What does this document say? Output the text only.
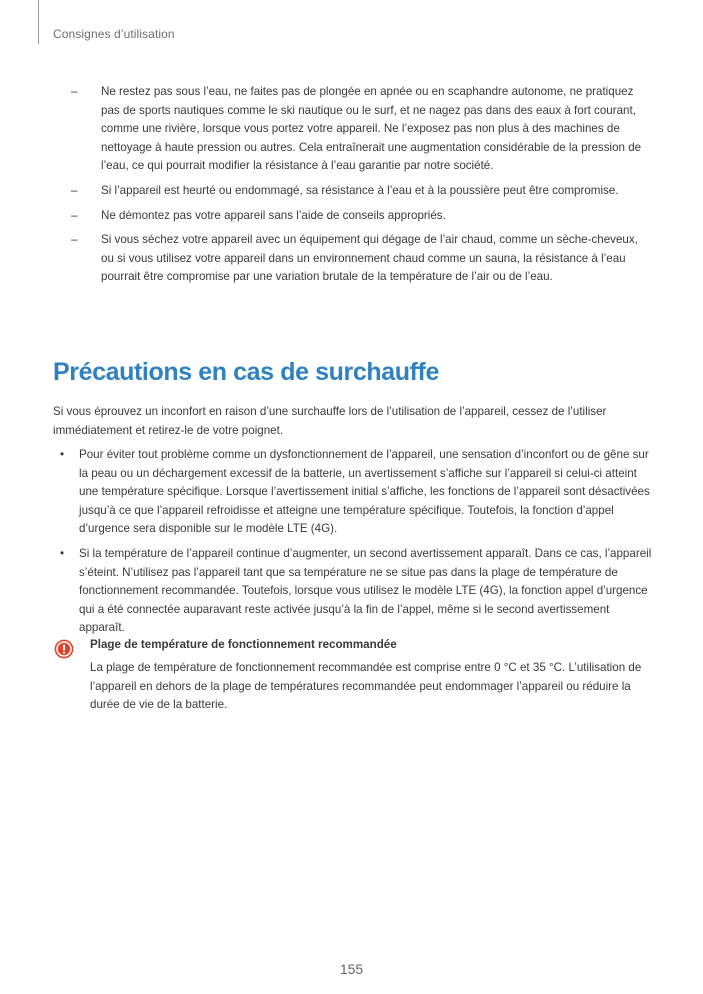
Consignes d’utilisation
– Ne restez pas sous l’eau, ne faites pas de plongée en apnée ou en scaphandre autonome, ne pratiquez pas de sports nautiques comme le ski nautique ou le surf, et ne nagez pas dans des eaux à fort courant, comme une rivière, lorsque vous portez votre appareil. Ne l’exposez pas non plus à des machines de nettoyage à haute pression ou autres. Cela entraînerait une augmentation considérable de la pression de l’eau, ce qui pourrait modifier la résistance à l’eau garantie par notre société.
– Si l’appareil est heurté ou endommagé, sa résistance à l’eau et à la poussière peut être compromise.
– Ne démontez pas votre appareil sans l’aide de conseils appropriés.
– Si vous séchez votre appareil avec un équipement qui dégage de l’air chaud, comme un sèche-cheveux, ou si vous utilisez votre appareil dans un environnement chaud comme un sauna, la résistance à l’eau pourrait être compromise par une variation brutale de la température de l’air ou de l’eau.
Précautions en cas de surchauffe

Si vous éprouvez un inconfort en raison d’une surchauffe lors de l’utilisation de l’appareil, cessez de l’utiliser immédiatement et retirez-le de votre poignet.

• Pour éviter tout problème comme un dysfonctionnement de l’appareil, une sensation d’inconfort ou de gêne sur la peau ou un déchargement excessif de la batterie, un avertissement s’affiche sur l’appareil si celui-ci atteint une température spécifique. Lorsque l’avertissement initial s’affiche, les fonctions de l’appareil sont désactivées jusqu’à ce que l’appareil refroidisse et atteigne une température spécifique. Toutefois, la fonction d’appel d’urgence sera disponible sur le modèle LTE (4G).
• Si la température de l’appareil continue d’augmenter, un second avertissement apparaît. Dans ce cas, l’appareil s’éteint. N’utilisez pas l’appareil tant que sa température ne se situe pas dans la plage de température de fonctionnement recommandée. Toutefois, lorsque vous utilisez le modèle LTE (4G), la fonction appel d’urgence qui a été connectée auparavant reste activée jusqu’à la fin de l’appel, même si le second avertissement apparaît.
Plage de température de fonctionnement recommandée

La plage de température de fonctionnement recommandée est comprise entre 0 °C et 35 °C. L’utilisation de l’appareil en dehors de la plage de températures recommandée peut endommager l’appareil ou réduire la durée de vie de la batterie.

155
